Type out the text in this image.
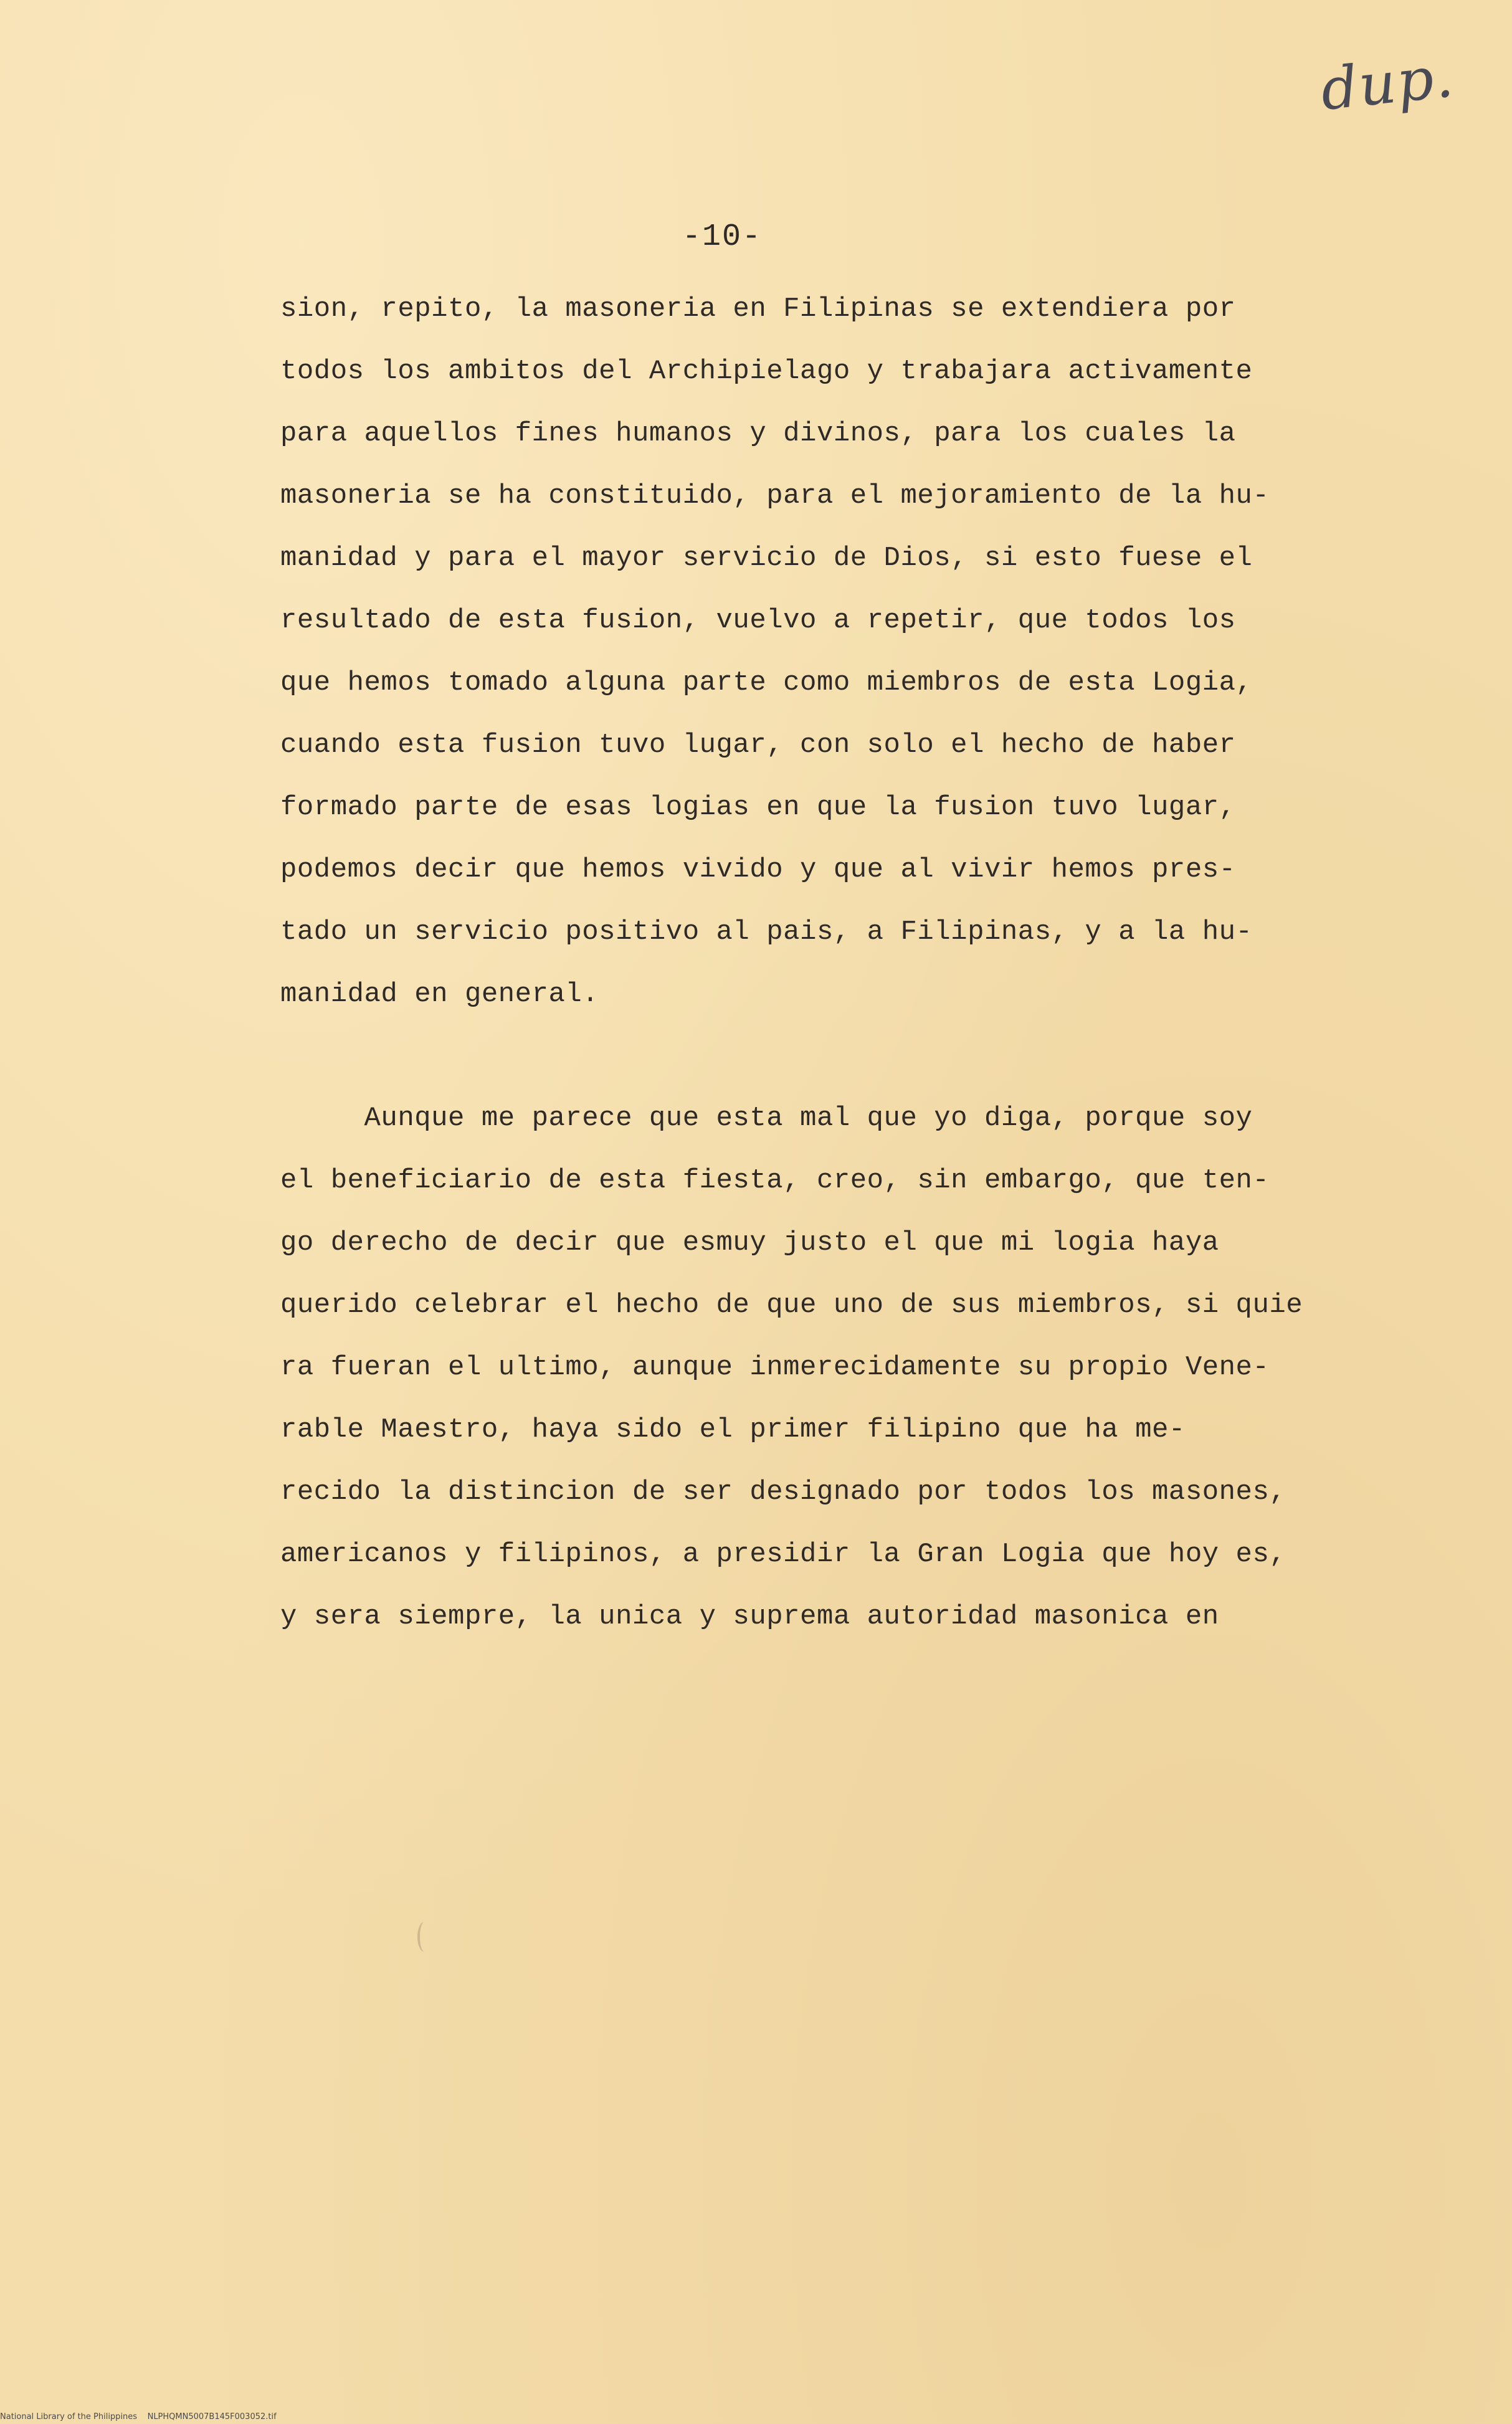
dup.
-10-
sion, repito, la masoneria en Filipinas se extendiera por
todos los ambitos del Archipielago y trabajara activamente
para aquellos fines humanos y divinos, para los cuales la
masoneria se ha constituido, para el mejoramiento de la hu-
manidad y para el mayor servicio de Dios, si esto fuese el
resultado de esta fusion, vuelvo a repetir, que todos los
que hemos tomado alguna parte como miembros de esta Logia,
cuando esta fusion tuvo lugar, con solo el hecho de haber
formado parte de esas logias en que la fusion tuvo lugar,
podemos decir que hemos vivido y que al vivir hemos pres-
tado un servicio positivo al pais, a Filipinas, y a la hu-
manidad en general.
Aunque me parece que esta mal que yo diga, porque soy
el beneficiario de esta fiesta, creo, sin embargo, que ten-
go derecho de decir que esmuy justo el que mi logia haya
querido celebrar el hecho de que uno de sus miembros, si quie
ra fueran el ultimo, aunque inmerecidamente su propio Vene-
rable Maestro, haya sido el primer filipino que ha me-
recido la distincion de ser designado por todos los masones,
americanos y filipinos, a presidir la Gran Logia que hoy es,
y sera siempre, la unica y suprema autoridad masonica en
National Library of the Philippines    NLPHQMN5007B145F003052.tif
